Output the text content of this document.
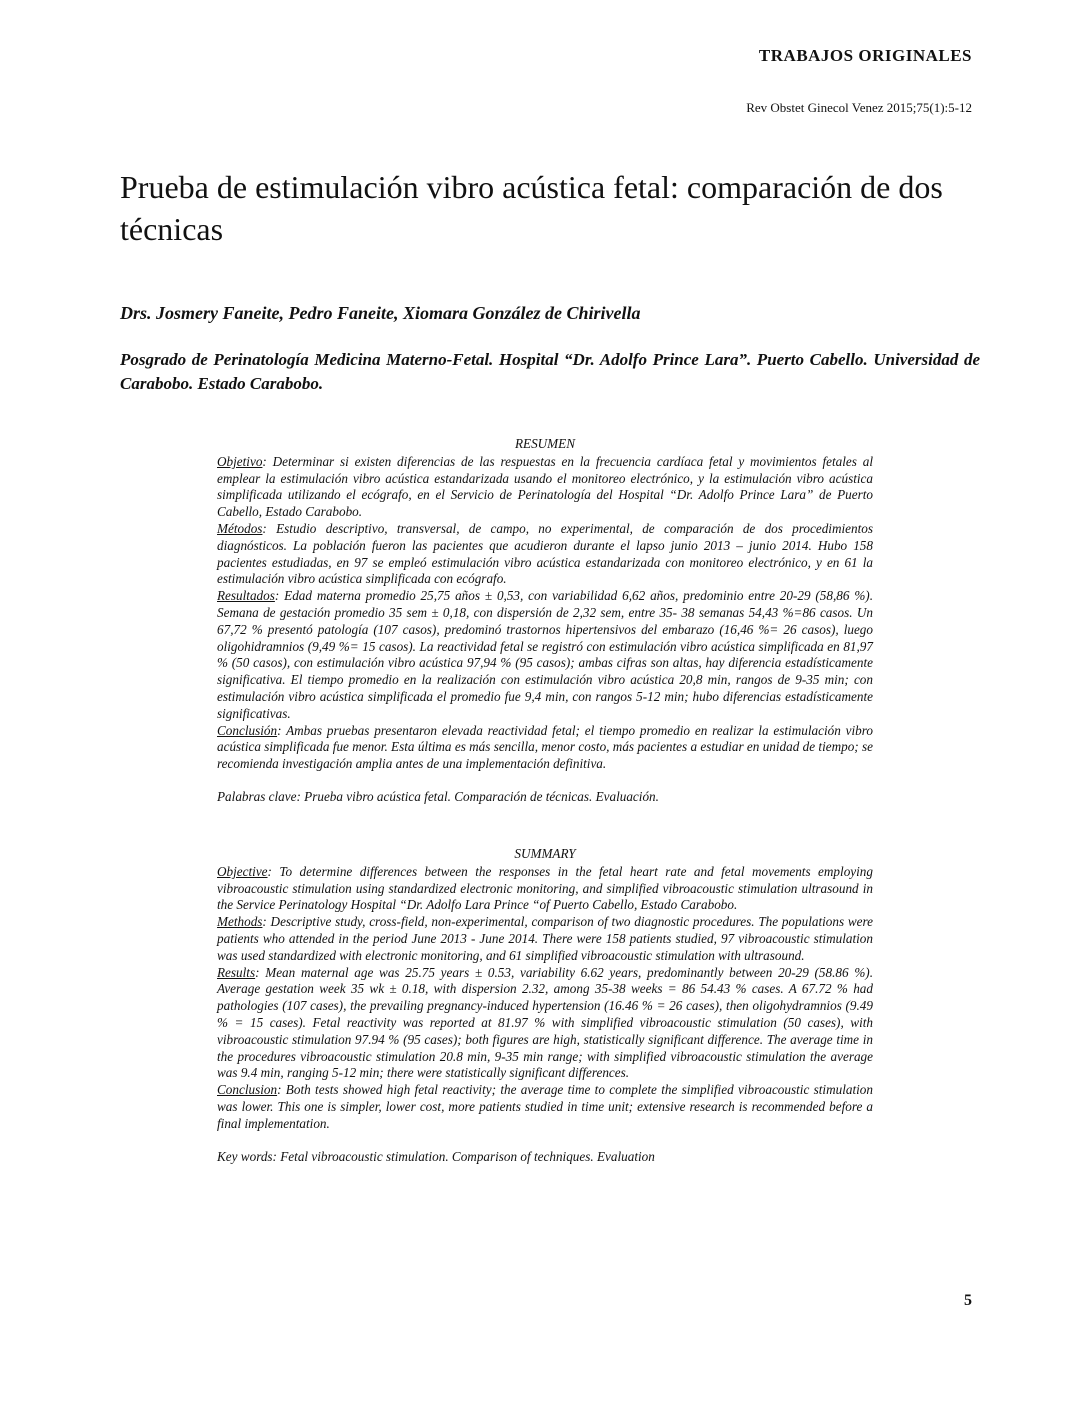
TRABAJOS ORIGINALES
Rev Obstet Ginecol Venez 2015;75(1):5-12
Prueba de estimulación vibro acústica fetal: comparación de dos técnicas
Drs. Josmery Faneite, Pedro Faneite, Xiomara González de Chirivella
Posgrado de Perinatología Medicina Materno-Fetal. Hospital “Dr. Adolfo Prince Lara”. Puerto Cabello. Universidad de Carabobo. Estado Carabobo.

RESUMEN

Objetivo: Determinar si existen diferencias de las respuestas en la frecuencia cardíaca fetal y movimientos fetales al emplear la estimulación vibro acústica estandarizada usando el monitoreo electrónico, y la estimulación vibro acústica simplificada utilizando el ecógrafo, en el Servicio de Perinatología del Hospital “Dr. Adolfo Prince Lara” de Puerto Cabello, Estado Carabobo.

Métodos: Estudio descriptivo, transversal, de campo, no experimental, de comparación de dos procedimientos diagnósticos. La población fueron las pacientes que acudieron durante el lapso junio 2013 – junio 2014. Hubo 158 pacientes estudiadas, en 97 se empleó estimulación vibro acústica estandarizada con monitoreo electrónico, y en 61 la estimulación vibro acústica simplificada con ecógrafo.

Resultados: Edad materna promedio 25,75 años ± 0,53, con variabilidad 6,62 años, predominio entre 20-29 (58,86 %). Semana de gestación promedio 35 sem ± 0,18, con dispersión de 2,32 sem, entre 35- 38 semanas 54,43 %=86 casos. Un 67,72 % presentó patología (107 casos), predominó trastornos hipertensivos del embarazo (16,46 %= 26 casos), luego oligohidramnios (9,49 %= 15 casos). La reactividad fetal se registró con estimulación vibro acústica simplificada en 81,97 % (50 casos), con estimulación vibro acústica 97,94 % (95 casos); ambas cifras son altas, hay diferencia estadísticamente significativa. El tiempo promedio en la realización con estimulación vibro acústica 20,8 min, rangos de 9-35 min; con estimulación vibro acústica simplificada el promedio fue 9,4 min, con rangos 5-12 min; hubo diferencias estadísticamente significativas.

Conclusión: Ambas pruebas presentaron elevada reactividad fetal; el tiempo promedio en realizar la estimulación vibro acústica simplificada fue menor. Esta última es más sencilla, menor costo, más pacientes a estudiar en unidad de tiempo; se recomienda investigación amplia antes de una implementación definitiva.

Palabras clave: Prueba vibro acústica fetal. Comparación de técnicas. Evaluación.

SUMMARY

Objective: To determine differences between the responses in the fetal heart rate and fetal movements employing vibroacoustic stimulation using standardized electronic monitoring, and simplified vibroacoustic stimulation ultrasound in the Service Perinatology Hospital “Dr. Adolfo Lara Prince “of Puerto Cabello, Estado Carabobo.

Methods: Descriptive study, cross-field, non-experimental, comparison of two diagnostic procedures. The populations were patients who attended in the period June 2013 - June 2014. There were 158 patients studied, 97 vibroacoustic stimulation was used standardized with electronic monitoring, and 61 simplified vibroacoustic stimulation with ultrasound.

Results: Mean maternal age was 25.75 years ± 0.53, variability 6.62 years, predominantly between 20-29 (58.86 %). Average gestation week 35 wk ± 0.18, with dispersion 2.32, among 35-38 weeks = 86 54.43 % cases. A 67.72 % had pathologies (107 cases), the prevailing pregnancy-induced hypertension (16.46 % = 26 cases), then oligohydramnios (9.49 % = 15 cases). Fetal reactivity was reported at 81.97 % with simplified vibroacoustic stimulation (50 cases), with vibroacoustic stimulation 97.94 % (95 cases); both figures are high, statistically significant difference. The average time in the procedures vibroacoustic stimulation 20.8 min, 9-35 min range; with simplified vibroacoustic stimulation the average was 9.4 min, ranging 5-12 min; there were statistically significant differences.

Conclusion: Both tests showed high fetal reactivity; the average time to complete the simplified vibroacoustic stimulation was lower. This one is simpler, lower cost, more patients studied in time unit; extensive research is recommended before a final implementation.

Key words: Fetal vibroacoustic stimulation. Comparison of techniques. Evaluation

5
